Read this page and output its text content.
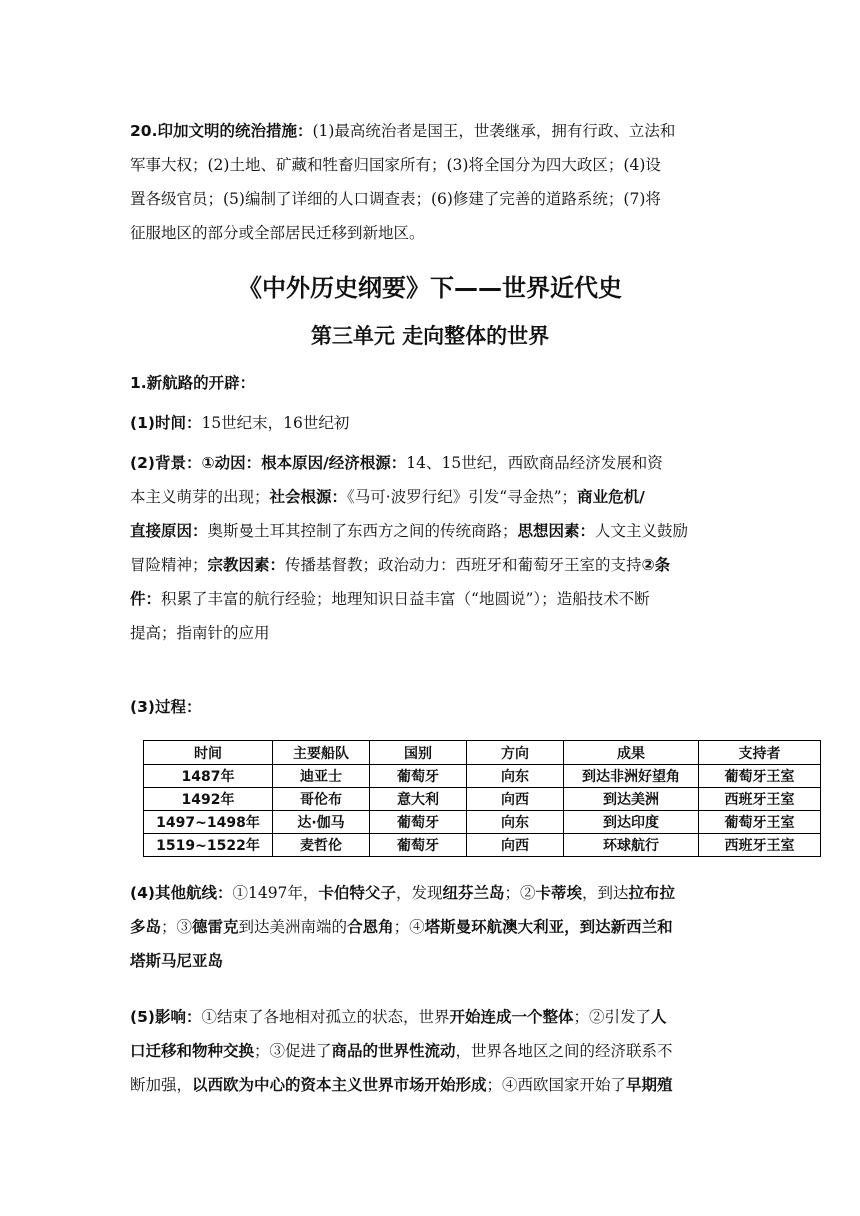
20.印加文明的统治措施：(1)最高统治者是国王，世袭继承，拥有行政、立法和
军事大权；(2)土地、矿藏和牲畜归国家所有；(3)将全国分为四大政区；(4)设
置各级官员；(5)编制了详细的人口调查表；(6)修建了完善的道路系统；(7)将
征服地区的部分或全部居民迁移到新地区。
《中外历史纲要》下——世界近代史
第三单元 走向整体的世界
1.新航路的开辟：
(1)时间：15世纪末，16世纪初
(2)背景：①动因：根本原因/经济根源：14、15世纪，西欧商品经济发展和资
本主义萌芽的出现；社会根源：《马可·波罗行纪》引发“寻金热”；商业危机/
直接原因：奥斯曼土耳其控制了东西方之间的传统商路；思想因素：人文主义鼓励
冒险精神；宗教因素：传播基督教；政治动力：西班牙和葡萄牙王室的支持②条
件：积累了丰富的航行经验；地理知识日益丰富（“地圆说”）；造船技术不断
提高；指南针的应用
(3)过程：
时间	主要船队	国别	方向	成果	支持者
1487年	迪亚士	葡萄牙	向东	到达非洲好望角	葡萄牙王室
1492年	哥伦布	意大利	向西	到达美洲	西班牙王室
1497~1498年	达·伽马	葡萄牙	向东	到达印度	葡萄牙王室
1519~1522年	麦哲伦	葡萄牙	向西	环球航行	西班牙王室
(4)其他航线：①1497年，卡伯特父子，发现纽芬兰岛；②卡蒂埃，到达拉布拉
多岛；③德雷克到达美洲南端的合恩角；④塔斯曼环航澳大利亚，到达新西兰和
塔斯马尼亚岛
(5)影响：①结束了各地相对孤立的状态，世界开始连成一个整体；②引发了人
口迁移和物种交换；③促进了商品的世界性流动，世界各地区之间的经济联系不
断加强，以西欧为中心的资本主义世界市场开始形成；④西欧国家开始了早期殖
